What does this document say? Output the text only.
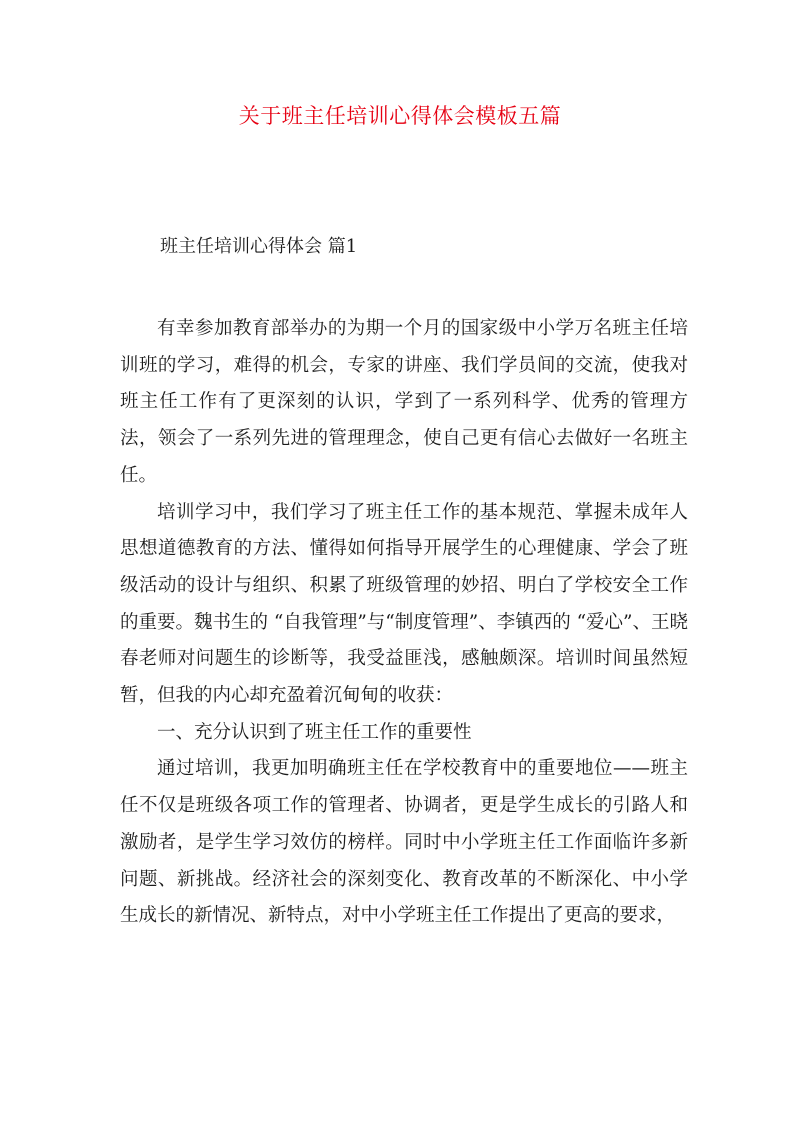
关于班主任培训心得体会模板五篇
班主任培训心得体会 篇1

有幸参加教育部举办的为期一个月的国家级中小学万名班主任培训班的学习，难得的机会，专家的讲座、我们学员间的交流，使我对班主任工作有了更深刻的认识，学到了一系列科学、优秀的管理方法，领会了一系列先进的管理理念，使自己更有信心去做好一名班主任。

培训学习中，我们学习了班主任工作的基本规范、掌握未成年人思想道德教育的方法、懂得如何指导开展学生的心理健康、学会了班级活动的设计与组织、积累了班级管理的妙招、明白了学校安全工作的重要。魏书生的 “自我管理”与“制度管理”、李镇西的 “爱心”、王晓春老师对问题生的诊断等，我受益匪浅，感触颇深。培训时间虽然短暂，但我的内心却充盈着沉甸甸的收获：

一、充分认识到了班主任工作的重要性

通过培训，我更加明确班主任在学校教育中的重要地位——班主任不仅是班级各项工作的管理者、协调者，更是学生成长的引路人和激励者，是学生学习效仿的榜样。同时中小学班主任工作面临许多新问题、新挑战。经济社会的深刻变化、教育改革的不断深化、中小学生成长的新情况、新特点，对中小学班主任工作提出了更高的要求，
